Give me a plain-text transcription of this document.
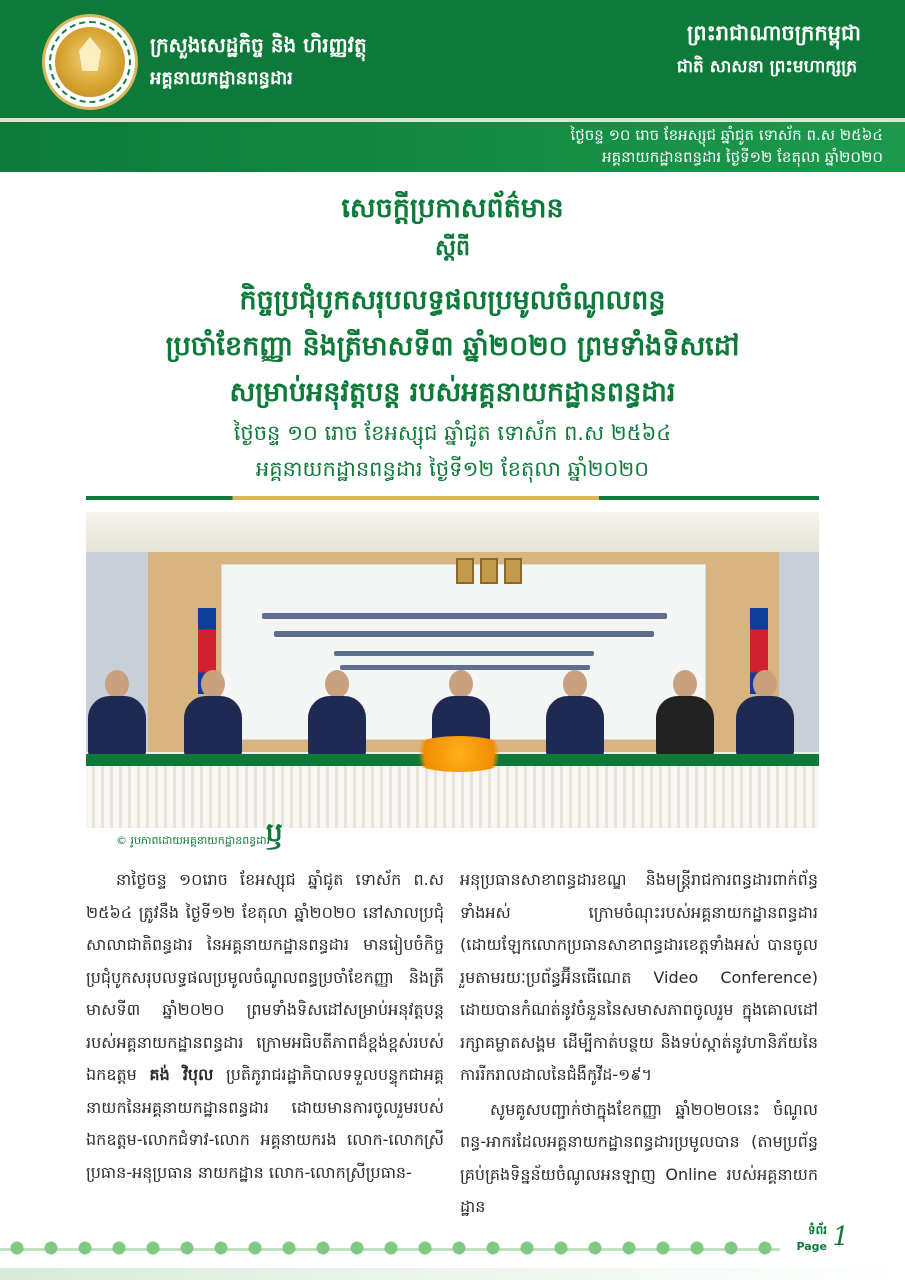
ក្រសួងសេដ្ឋកិច្ច និង ហិរញ្ញវត្ថុ
អគ្គនាយកដ្ឋានពន្ធដារ
ព្រះរាជាណាចក្រកម្ពុជា
ជាតិ សាសនា ព្រះមហាក្សត្រ
ថ្ងៃចន្ទ ១០ រោច ខែអស្សុជ ឆ្នាំជូត ទោស័ក ព.ស ២៥៦៤
អគ្គនាយកដ្ឋានពន្ធដារ ថ្ងៃទី១២ ខែតុលា ឆ្នាំ២០២០
សេចក្តីប្រកាសព័ត៌មាន
ស្តីពី
កិច្ចប្រជុំបូកសរុបលទ្ធផលប្រមូលចំណូលពន្ធ
ប្រចាំខែកញ្ញា និងត្រីមាសទី៣ ឆ្នាំ២០២០ ព្រមទាំងទិសដៅ
សម្រាប់អនុវត្តបន្ត របស់អគ្គនាយកដ្ឋានពន្ធដារ
ថ្ងៃចន្ទ ១០ រោច ខែអស្សុជ ឆ្នាំជូត ទោស័ក ព.ស ២៥៦៤
អគ្គនាយកដ្ឋានពន្ធដារ ថ្ងៃទី១២ ខែតុលា ឆ្នាំ២០២០
© រូបភាពដោយអគ្គនាយកដ្ឋានពន្ធដារ
ឫ

នាថ្ងៃចន្ទ ១០រោច ខែអស្សុជ ឆ្នាំជូត ទោស័ក ព.ស ២៥៦៤ ត្រូវនឹង ថ្ងៃទី១២ ខែតុលា ឆ្នាំ២០២០ នៅសាលប្រជុំសាលាជាតិពន្ធដារ នៃអគ្គនាយកដ្ឋានពន្ធដារ មានរៀបចំកិច្ចប្រជុំបូកសរុបលទ្ធផលប្រមូលចំណូលពន្ធប្រចាំខែកញ្ញា និងត្រីមាសទី៣ ឆ្នាំ២០២០ ព្រមទាំងទិសដៅសម្រាប់អនុវត្តបន្ត របស់អគ្គនាយកដ្ឋានពន្ធដារ ក្រោមអធិបតីភាពដ៏ខ្ពង់ខ្ពស់របស់ឯកឧត្តម គង់ វិបុល ប្រតិភូរាជរដ្ឋាភិបាលទទួលបន្ទុកជាអគ្គនាយកនៃអគ្គនាយកដ្ឋានពន្ធដារ ដោយមានការចូលរួមរបស់ឯកឧត្តម-លោកជំទាវ-លោក អគ្គនាយករង លោក-លោកស្រីប្រធាន-អនុប្រធាន នាយកដ្ឋាន លោក-លោកស្រីប្រធាន-

អនុប្រធានសាខាពន្ធដារខណ្ឌ និងមន្ត្រីរាជការពន្ធដារពាក់ព័ន្ធទាំងអស់ ក្រោមចំណុះរបស់អគ្គនាយកដ្ឋានពន្ធដារ (ដោយឡែកលោកប្រធានសាខាពន្ធដារខេត្តទាំងអស់ បានចូលរួមតាមរយៈប្រព័ន្ធអ៊ីនធើណេត Video Conference) ដោយបានកំណត់នូវចំនួននៃសមាសភាពចូលរួម ក្នុងគោលដៅរក្សាគម្លាតសង្គម ដើម្បីកាត់បន្ថយ និងទប់ស្កាត់នូវហានិភ័យនៃការរីករាលដាលនៃជំងឺកូវីដ-១៩។

សូមគូសបញ្ជាក់ថាក្នុងខែកញ្ញា ឆ្នាំ២០២០នេះ ចំណូលពន្ធ-អាករដែលអគ្គនាយកដ្ឋានពន្ធដារប្រមូលបាន (តាមប្រព័ន្ធគ្រប់គ្រងទិន្នន័យចំណូលអនឡាញ Online របស់អគ្គនាយកដ្ឋាន

ទំព័រ
Page 1
